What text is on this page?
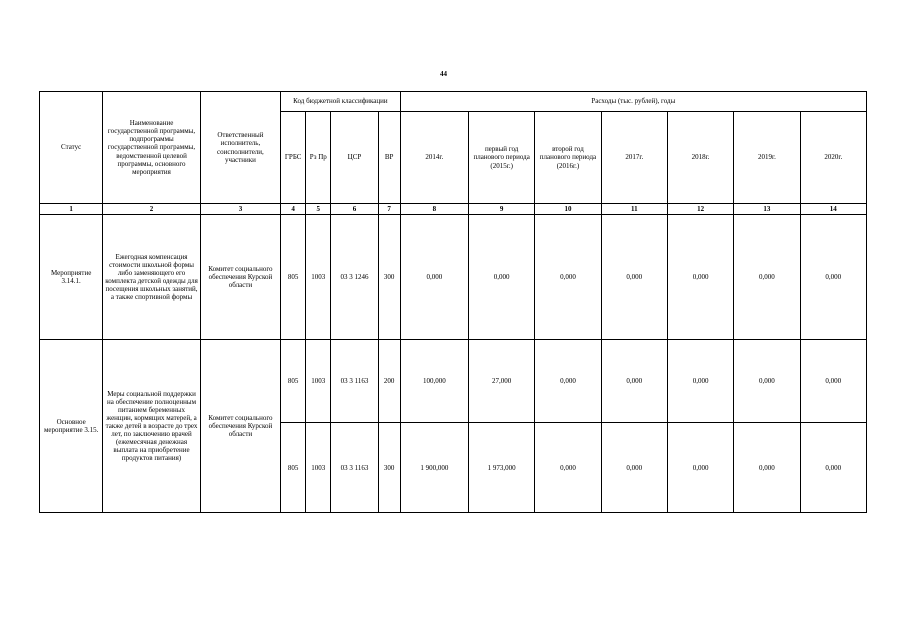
44
Статус	Наименование государственной программы, подпрограммы государственной программы, ведомственной целевой программы, основного мероприятия	Ответственный исполнитель, соисполнители, участники	Код бюджетной классификации				Расходы (тыс. рублей), годы						
			ГРБС	Рз Пр	ЦСР	ВР	2014г.	первый год планового периода (2015г.)	второй год планового периода (2016г.)	2017г.	2018г.	2019г.	2020г.
1	2	3	4	5	6	7	8	9	10	11	12	13	14
Мероприятие 3.14.1.	Ежегодная компенсация стоимости школьной формы либо заменяющего его комплекта детской одежды для посещения школьных занятий, а также спортивной формы	Комитет социального обеспечения Курской области	805	1003	03 3 1246	300	0,000	0,000	0,000	0,000	0,000	0,000	0,000
Основное мероприятие 3.15.	Меры социальной поддержки на обеспечение полноценным питанием беременных женщин, кормящих матерей, а также детей в возрасте до трех лет, по заключению врачей (ежемесячная денежная выплата на приобретение продуктов питания)	Комитет социального обеспечения Курской области	805	1003	03 3 1163	200	100,000	27,000	0,000	0,000	0,000	0,000	0,000
			805	1003	03 3 1163	300	1 900,000	1 973,000	0,000	0,000	0,000	0,000	0,000
